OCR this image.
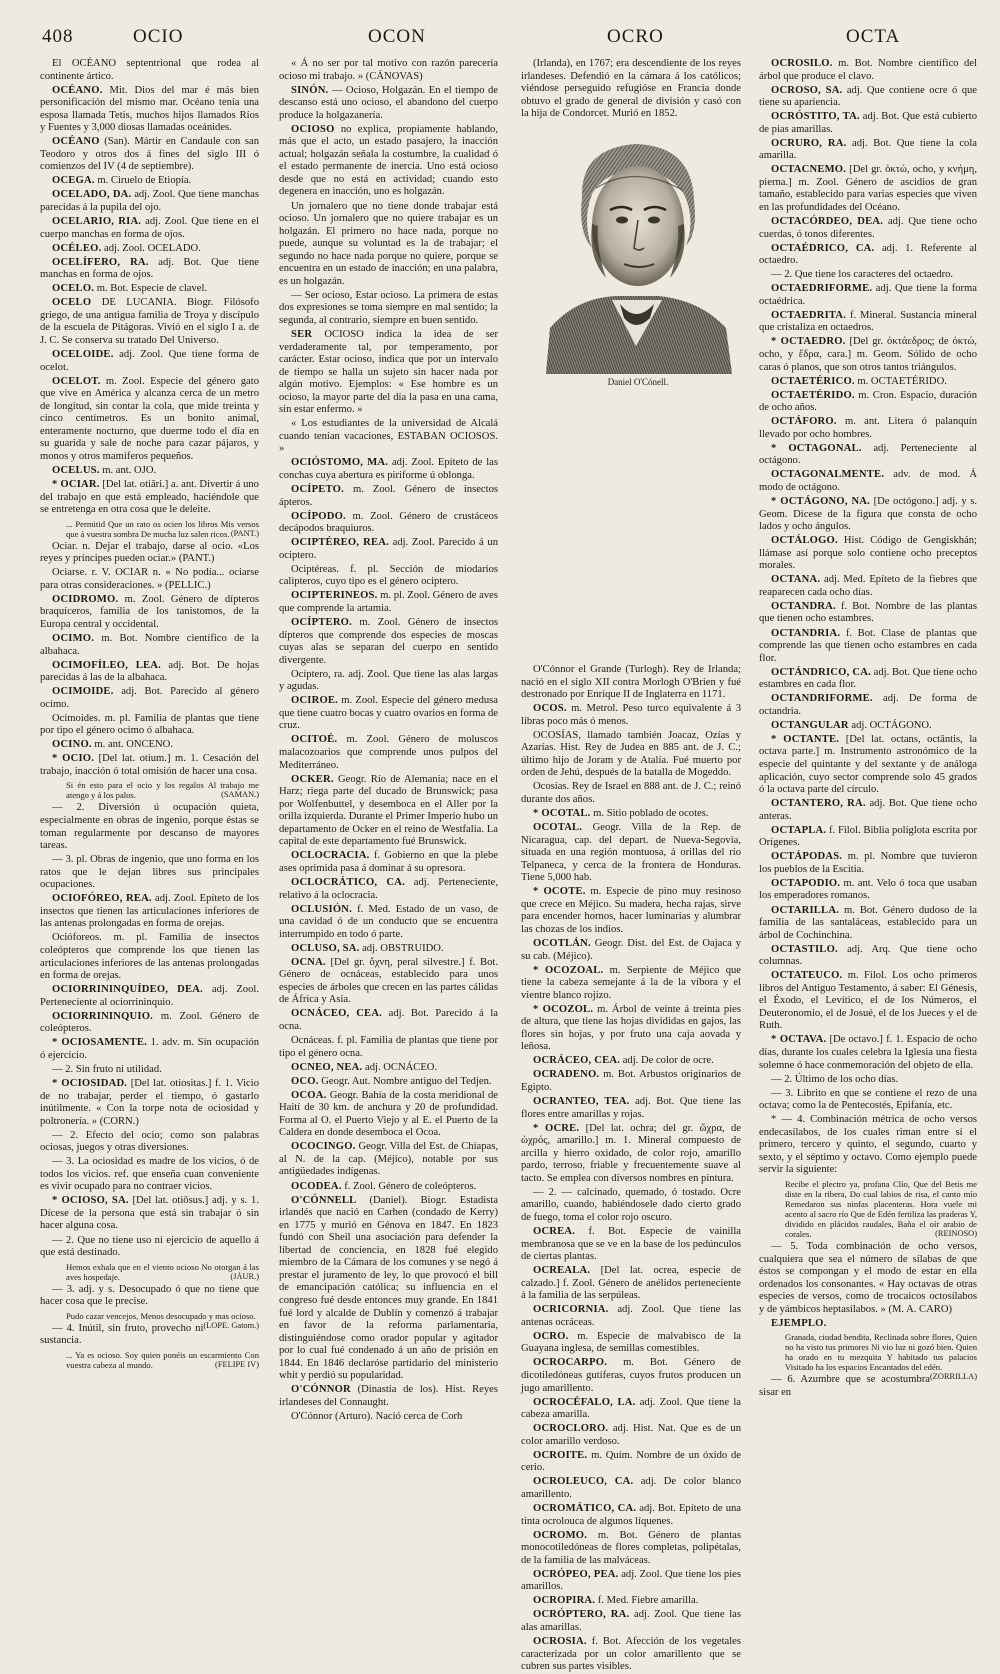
408	OCIO	OCON	OCRO	OCTA
El OCÉANO septentrional que rodea al continente ártico.
OCÉANO. Mit. Dios del mar é más bien personificación del mismo mar. Océano tenía una esposa llamada Tetis, muchos hijos llamados Ríos y Fuentes y 3,000 diosas llamadas oceánides.
OCÉANO (San). Mártir en Candaule con san Teodoro y otros dos á fines del siglo III ó comienzos del IV (4 de septiembre).
OCEGA. m. Ciruelo de Etiopía.
OCELADO, DA. adj. Zool. Que tiene manchas parecidas á la pupila del ojo.
OCELARIO, RIA. adj. Zool. Que tiene en el cuerpo manchas en forma de ojos.
OCÉLEO. adj. Zool. OCELADO.
OCELÍFERO, RA. adj. Bot. Que tiene manchas en forma de ojos.
OCELO. m. Bot. Especie de clavel.
OCELO DE LUCANIA. Biogr. Filósofo griego, de una antigua familia de Troya y discípulo de la escuela de Pitágoras. Vivió en el siglo I a. de J. C. Se conserva su tratado Del Universo.
OCELOIDE. adj. Zool. Que tiene forma de ocelot.
OCELOT. m. Zool. Especie del género gato que vive en América y alcanza cerca de un metro de longitud, sin contar la cola, que mide treinta y cinco centímetros. Es un bonito animal, enteramente nocturno, que duerme todo el día en su guarida y sale de noche para cazar pájaros, y monos y otros mamíferos pequeños.
OCELUS. m. ant. OJO.
* OCIAR. [Del lat. otiāri.] a. ant. Divertir á uno del trabajo en que está empleado, haciéndole que se entretenga en otra cosa que le deleite.
... Permitid Que un rato os ocien los libros Mis versos que á vuestra sombra De mucha luz salen ricos. (PANT.)
Ociar. n. Dejar el trabajo, darse al ocio. «Los reyes y príncipes pueden ociar.» (PANT.)
Ociarse. r. V. OCIAR n. « No podía... ociarse para otras consideraciones. » (PELLIC.)
OCIDROMO. m. Zool. Género de dípteros braquíceros, familia de los tanistomos, de la Europa central y occidental.
OCIMO. m. Bot. Nombre científico de la albahaca.
OCIMOFÍLEO, LEA. adj. Bot. De hojas parecidas á las de la albahaca.
OCIMOIDE. adj. Bot. Parecido al género ocimo.
Ocimoides. m. pl. Familia de plantas que tiene por tipo el género ocimo ó albahaca.
OCINO. m. ant. ONCENO.
* OCIO. [Del lat. otium.] m. 1. Cesación del trabajo, inacción ó total omisión de hacer una cosa.
Si én esto para el ocio y los regalos Al trabajo me atengo y á los palos.	(SAMAN.)
— 2. Diversión ú ocupación quieta, especialmente en obras de ingenio, porque éstas se toman regularmente por descanso de mayores tareas.
— 3. pl. Obras de ingenio, que uno forma en los ratos que le dejan libres sus principales ocupaciones.
OCIOFÓREO, REA. adj. Zool. Epíteto de los insectos que tienen las articulaciones inferiores de las antenas prolongadas en forma de orejas.
Ocióforeos. m. pl. Familia de insectos coleópteros que comprende los que tienen las articulaciones inferiores de las antenas prolongadas en forma de orejas.
OCIORRININQUÍDEO, DEA. adj. Zool. Perteneciente al ociorrininquio.
OCIORRININQUIO. m. Zool. Género de coleópteros.
* OCIOSAMENTE. 1. adv. m. Sin ocupación ó ejercicio.
— 2. Sin fruto ni utilidad.
* OCIOSIDAD. [Del lat. otiositas.] f. 1. Vicio de no trabajar, perder el tiempo, ó gastarlo inútilmente. « Con la torpe nota de ociosidad y poltronería. » (CORN.)
— 2. Efecto del ocio; como son palabras ociosas, juegos y otras diversiones.
— 3. La ociosidad es madre de los vicios, ó de todos los vicios. ref. que enseña cuan conveniente es vivir ocupado para no contraer vicios.
* OCIOSO, SA. [Del lat. otiōsus.] adj. y s. 1. Dícese de la persona que está sin trabajar ó sin hacer alguna cosa.
— 2. Que no tiene uso ni ejercicio de aquello á que está destinado.
Hemos exhala que en el viento ocioso No otorgan á las aves hospedaje.	(JÁUR.)
— 3. adj. y s. Desocupado ó que no tiene que hacer cosa que le precise.
Pudo cazar vencejos, Menos desocupado y mas ocioso.
(LOPE. Gatom.)
— 4. Inútil, sin fruto, provecho ni sustancia.
... Ya es ocioso. Soy quien ponéis un escarmiento Con vuestra cabeza al mundo.	(FELIPE IV)
« Á no ser por tal motivo con razón parecería ocioso mi trabajo. » (CÁNOVAS)
SINÓN. — Ocioso, Holgazán. En el tiempo de descanso está uno ocioso, el abandono del cuerpo produce la holgazanería.
OCIOSO no explica, propiamente hablando, más que el acto, un estado pasajero, la inacción actual; holgazán señala la costumbre, la cualidad ó el estado permanente de inercia. Uno está ocioso desde que no está en actividad; cuando esto degenera en inacción, uno es holgazán.
Un jornalero que no tiene donde trabajar está ocioso. Un jornalero que no quiere trabajar es un holgazán. El primero no hace nada, porque no puede, aunque su voluntad es la de trabajar; el segundo no hace nada porque no quiere, porque se encuentra en un estado de inacción; en una palabra, es un holgazán.
— Ser ocioso, Estar ocioso. La primera de estas dos expresiones se toma siempre en mal sentido; la segunda, al contrario, siempre en buen sentido.
SER OCIOSO indica la idea de ser verdaderamente tal, por temperamento, por carácter. Estar ocioso, indica que por un intervalo de tiempo se halla un sujeto sin hacer nada por algún motivo. Ejemplos: « Ese hombre es un ocioso, la mayor parte del día la pasa en una cama, sin estar enfermo. »
« Los estudiantes de la universidad de Alcalá cuando tenían vacaciones, ESTABAN OCIOSOS. »
OCIÓSTOMO, MA. adj. Zool. Epíteto de las conchas cuya abertura es piriforme ú oblonga.
OCÍPETO. m. Zool. Género de insectos ápteros.
OCÍPODO. m. Zool. Género de crustáceos decápodos braquiuros.
OCIPTÉREO, REA. adj. Zool. Parecido á un ociptero.
Ociptéreas. f. pl. Sección de miodarios calipteros, cuyo tipo es el género ociptero.
OCIPTERINEOS. m. pl. Zool. Género de aves que comprende la artamia.
OCÍPTERO. m. Zool. Género de insectos dípteros que comprende dos especies de moscas cuyas alas se separan del cuerpo en sentido divergente.
Ocíptero, ra. adj. Zool. Que tiene las alas largas y agudas.
OCIROE. m. Zool. Especie del género medusa que tiene cuatro bocas y cuatro ovarios en forma de cruz.
OCITOÉ. m. Zool. Género de moluscos malacozoarios que comprende unos pulpos del Mediterráneo.
OCKER. Geogr. Río de Alemania; nace en el Harz; riega parte del ducado de Brunswick; pasa por Wolfenbuttel, y desemboca en el Aller por la orilla izquierda. Durante el Primer Imperio hubo un departamento de Ocker en el reino de Westfalia. La capital de este departamento fué Brunswick.
OCLOCRACIA. f. Gobierno en que la plebe ases oprimida pasa á dominar á su opresora.
OCLOCRÁTICO, CA. adj. Perteneciente, relativo á la oclocracia.
OCLUSIÓN. f. Med. Estado de un vaso, de una cavidad ó de un conducto que se encuentra interrumpido en todo ó parte.
OCLUSO, SA. adj. OBSTRUIDO.
OCNA. [Del gr. ὄχνη, peral silvestre.] f. Bot. Género de ocnáceas, establecido para unos especies de árboles que crecen en las partes cálidas de África y Asia.
OCNÁCEO, CEA. adj. Bot. Parecido á la ocna.
Ocnáceas. f. pl. Familia de plantas que tiene por tipo el género ocna.
OCNEO, NEA. adj. OCNÁCEO.
OCO. Geogr. Aut. Nombre antiguo del Tedjen.
OCOA. Geogr. Bahía de la costa meridional de Haití de 30 km. de anchura y 20 de profundidad. Forma al O. el Puerto Viejo y al E. el Puerto de la Caldera en donde desemboca el Ocoa.
OCOCINGO. Geogr. Villa del Est. de Chiapas, al N. de la cap. (Méjico), notable por sus antigüedades indígenas.
OCODEA. f. Zool. Género de coleópteros.
O'CÓNNELL (Daniel). Biogr. Estadista irlandés que nació en Carhen (condado de Kerry) en 1775 y murió en Génova en 1847. En 1823 fundó con Sheil una asociación para defender la libertad de conciencia, en 1828 fué elegido miembro de la Cámara de los comunes y se negó á prestar el juramento de ley, lo que provocó el bill de emancipación católica; su influencia en el congreso fué desde entonces muy grande. En 1841 fué lord y alcalde de Dublín y comenzó á trabajar en favor de la reforma parlamentaria, distinguiéndose como orador popular y agitador por lo cual fué condenado á un año de prisión en 1844. En 1846 declaróse partidario del ministerio whit y perdió su popularidad.
O'CÓNNOR (Dinastía de los). Hist. Reyes irlandeses del Connaught.
O'Cónnor (Arturo). Nació cerca de Corh
(Irlanda), en 1767; era descendiente de los reyes irlandeses. Defendió en la cámara á los católicos; viéndose perseguido refugióse en Francia donde obtuvo el grado de general de división y casó con la hija de Condorcet. Murió en 1852.
Daniel O'Cónell.
O'Cónnor el Grande (Turlogh). Rey de Irlanda; nació en el siglo XII contra Morlogh O'Brien y fué destronado por Enrique II de Inglaterra en 1171.
OCOS. m. Metrol. Peso turco equivalente á 3 libras poco más ó menos.
OCOSÍAS, llamado también Joacaz, Ozías y Azarías. Hist. Rey de Judea en 885 ant. de J. C.; último hijo de Joram y de Atalía. Fué muerto por orden de Jehú, después de la batalla de Mogeddo.
Ocosías. Rey de Israel en 888 ant. de J. C.; reinó durante dos años.
* OCOTAL. m. Sitio poblado de ocotes.
OCOTAL. Geogr. Villa de la Rep. de Nicaragua, cap. del depart. de Nueva-Segovia, situada en una región montuosa, á orillas del río Telpaneca, y cerca de la frontera de Honduras. Tiene 5,000 hab.
* OCOTE. m. Especie de pino muy resinoso que crece en Méjico. Su madera, hecha rajas, sirve para encender hornos, hacer luminarias y alumbrar las chozas de los indios.
OCOTLÁN. Geogr. Dist. del Est. de Oajaca y su cab. (Méjico).
* OCOZOAL. m. Serpiente de Méjico que tiene la cabeza semejante á la de la víbora y el vientre blanco rojizo.
* OCOZOL. m. Árbol de veinte á treinta pies de altura, que tiene las hojas divididas en gajos, las flores sin hojas, y por fruto una caja aovada y leñosa.
OCRÁCEO, CEA. adj. De color de ocre.
OCRADENO. m. Bot. Arbustos originarios de Egipto.
OCRANTEO, TEA. adj. Bot. Que tiene las flores entre amarillas y rojas.
* OCRE. [Del lat. ochra; del gr. ὤχρα, de ὠχρός, amarillo.] m. 1. Mineral compuesto de arcilla y hierro oxidado, de color rojo, amarillo pardo, terroso, friable y frecuentemente suave al tacto. Se emplea con diversos nombres en pintura.
— 2. — calcinado, quemado, ó tostado. Ocre amarillo, cuando, habiéndosele dado cierto grado de fuego, toma el color rojo oscuro.
OCREA. f. Bot. Especie de vainilla membranosa que se ve en la base de los pedúnculos de ciertas plantas.
OCREALA. [Del lat. ocrea, especie de calzado.] f. Zool. Género de anélidos perteneciente á la familia de las serpúleas.
OCRICORNIA. adj. Zool. Que tiene las antenas ocráceas.
OCRO. m. Especie de malvabisco de la Guayana inglesa, de semillas comestibles.
OCROCARPO. m. Bot. Género de dicotiledóneas gutíferas, cuyos frutos producen un jugo amarillento.
OCROCÉFALO, LA. adj. Zool. Que tiene la cabeza amarilla.
OCROCLORO. adj. Hist. Nat. Que es de un color amarillo verdoso.
OCROITE. m. Quím. Nombre de un óxido de cerio.
OCROLEUCO, CA. adj. De color blanco amarillento.
OCROMÁTICO, CA. adj. Bot. Epíteto de una tinta ocrolouca de algunos líquenes.
OCROMO. m. Bot. Género de plantas monocotiledóneas de flores completas, polipétalas, de la familia de las malváceas.
OCRÓPEO, PEA. adj. Zool. Que tiene los pies amarillos.
OCROPIRA. f. Med. Fiebre amarilla.
OCRÓPTERO, RA. adj. Zool. Que tiene las alas amarillas.
OCROSIA. f. Bot. Afección de los vegetales caracterizada por un color amarillento que se cubren sus partes visibles.
OCROSILO. m. Bot. Nombre científico del árbol que produce el clavo.
OCROSO, SA. adj. Que contiene ocre ó que tiene su apariencia.
OCRÓSTITO, TA. adj. Bot. Que está cubierto de pias amarillas.
OCRURO, RA. adj. Bot. Que tiene la cola amarilla.
OCTACNEMO. [Del gr. ὀκτώ, ocho, y κνήμη, pierna.] m. Zool. Género de ascidios de gran tamaño, establecido para varias especies que viven en las profundidades del Océano.
OCTACÓRDEO, DEA. adj. Que tiene ocho cuerdas, ó tonos diferentes.
OCTAÉDRICO, CA. adj. 1. Referente al octaedro.
— 2. Que tiene los caracteres del octaedro.
OCTAEDRIFORME. adj. Que tiene la forma octaédrica.
OCTAEDRITA. f. Mineral. Sustancia mineral que cristaliza en octaedros.
* OCTAEDRO. [Del gr. ὀκτάεδρος; de ὀκτώ, ocho, y ἕδρα, cara.] m. Geom. Sólido de ocho caras ó planos, que son otros tantos triángulos.
OCTAETÉRICO. m. OCTAETÉRIDO.
OCTAETÉRIDO. m. Cron. Espacio, duración de ocho años.
OCTÁFORO. m. ant. Litera ó palanquín llevado por ocho hombres.
* OCTAGONAL. adj. Perteneciente al octágono.
OCTAGONALMENTE. adv. de mod. Á modo de octágono.
* OCTÁGONO, NA. [De octógono.] adj. y s. Geom. Dícese de la figura que consta de ocho lados y ocho ángulos.
OCTÁLOGO. Hist. Código de Gengiskhán; llámase así porque solo contiene ocho preceptos morales.
OCTANA. adj. Med. Epíteto de la fiebres que reaparecen cada ocho días.
OCTANDRA. f. Bot. Nombre de las plantas que tienen ocho estambres.
OCTANDRIA. f. Bot. Clase de plantas que comprende las que tienen ocho estambres en cada flor.
OCTÁNDRICO, CA. adj. Bot. Que tiene ocho estambres en cada flor.
OCTANDRIFORME. adj. De forma de octandria.
OCTANGULAR adj. OCTÁGONO.
* OCTANTE. [Del lat. octans, octāntis, la octava parte.] m. Instrumento astronómico de la especie del quintante y del sextante y de análoga aplicación, cuyo sector comprende solo 45 grados ó la octava parte del círculo.
OCTANTERO, RA. adj. Bot. Que tiene ocho anteras.
OCTAPLA. f. Filol. Biblia políglota escrita por Orígenes.
OCTÁPODAS. m. pl. Nombre que tuvieron los pueblos de la Escitia.
OCTAPODIO. m. ant. Velo ó toca que usaban los emperadores romanos.
OCTARILLA. m. Bot. Género dudoso de la familia de las santaláceas, establecido para un árbol de Cochinchina.
OCTASTILO. adj. Arq. Que tiene ocho columnas.
OCTATEUCO. m. Filol. Los ocho primeros libros del Antiguo Testamento, á saber: El Génesis, el Éxodo, el Levítico, el de los Números, el Deuteronomio, el de Josué, el de los Jueces y el de Ruth.
* OCTAVA. [De octavo.] f. 1. Espacio de ocho días, durante los cuales celebra la Iglesia una fiesta solemne ó hace conmemoración del objeto de ella.
— 2. Último de los ocho días.
— 3. Librito en que se contiene el rezo de una octava; como la de Pentecostés, Epifanía, etc.
* — 4. Combinación métrica de ocho versos endecasílabos, de los cuales riman entre sí el primero, tercero y quinto, el segundo, cuarto y sexto, y el séptimo y octavo. Como ejemplo puede servir la siguiente:
Recibe el plectro ya, profana Clío, Que del Betis me diste en la ribera, Do cual labios de risa, el canto mío Remedaron sus ninfas placenteras. Hora vuele mi acento al sacro río Que de Edén fertiliza las praderas Y, dividido en plácidos raudales, Baña el oír arabio de corales.	(REINOSO)
— 5. Toda combinación de ocho versos, cualquiera que sea el número de sílabas de que éstos se compongan y el modo de estar en ella ordenados los consonantes. « Hay octavas de otras especies de versos, como de trocaicos octosílabos y de yámbicos heptasílabos. » (M. A. CARO)
EJEMPLO.
Granada, ciudad bendita, Reclinada sobre flores, Quien no ha visto tus primores Ni vio luz ni gozó bien. Quien ha orado en tu mezquita Y habitado tus palacios Visitado ha los espacios Encantados del edén.
(ZORRILLA)
— 6. Azumbre que se acostumbra sisar en
